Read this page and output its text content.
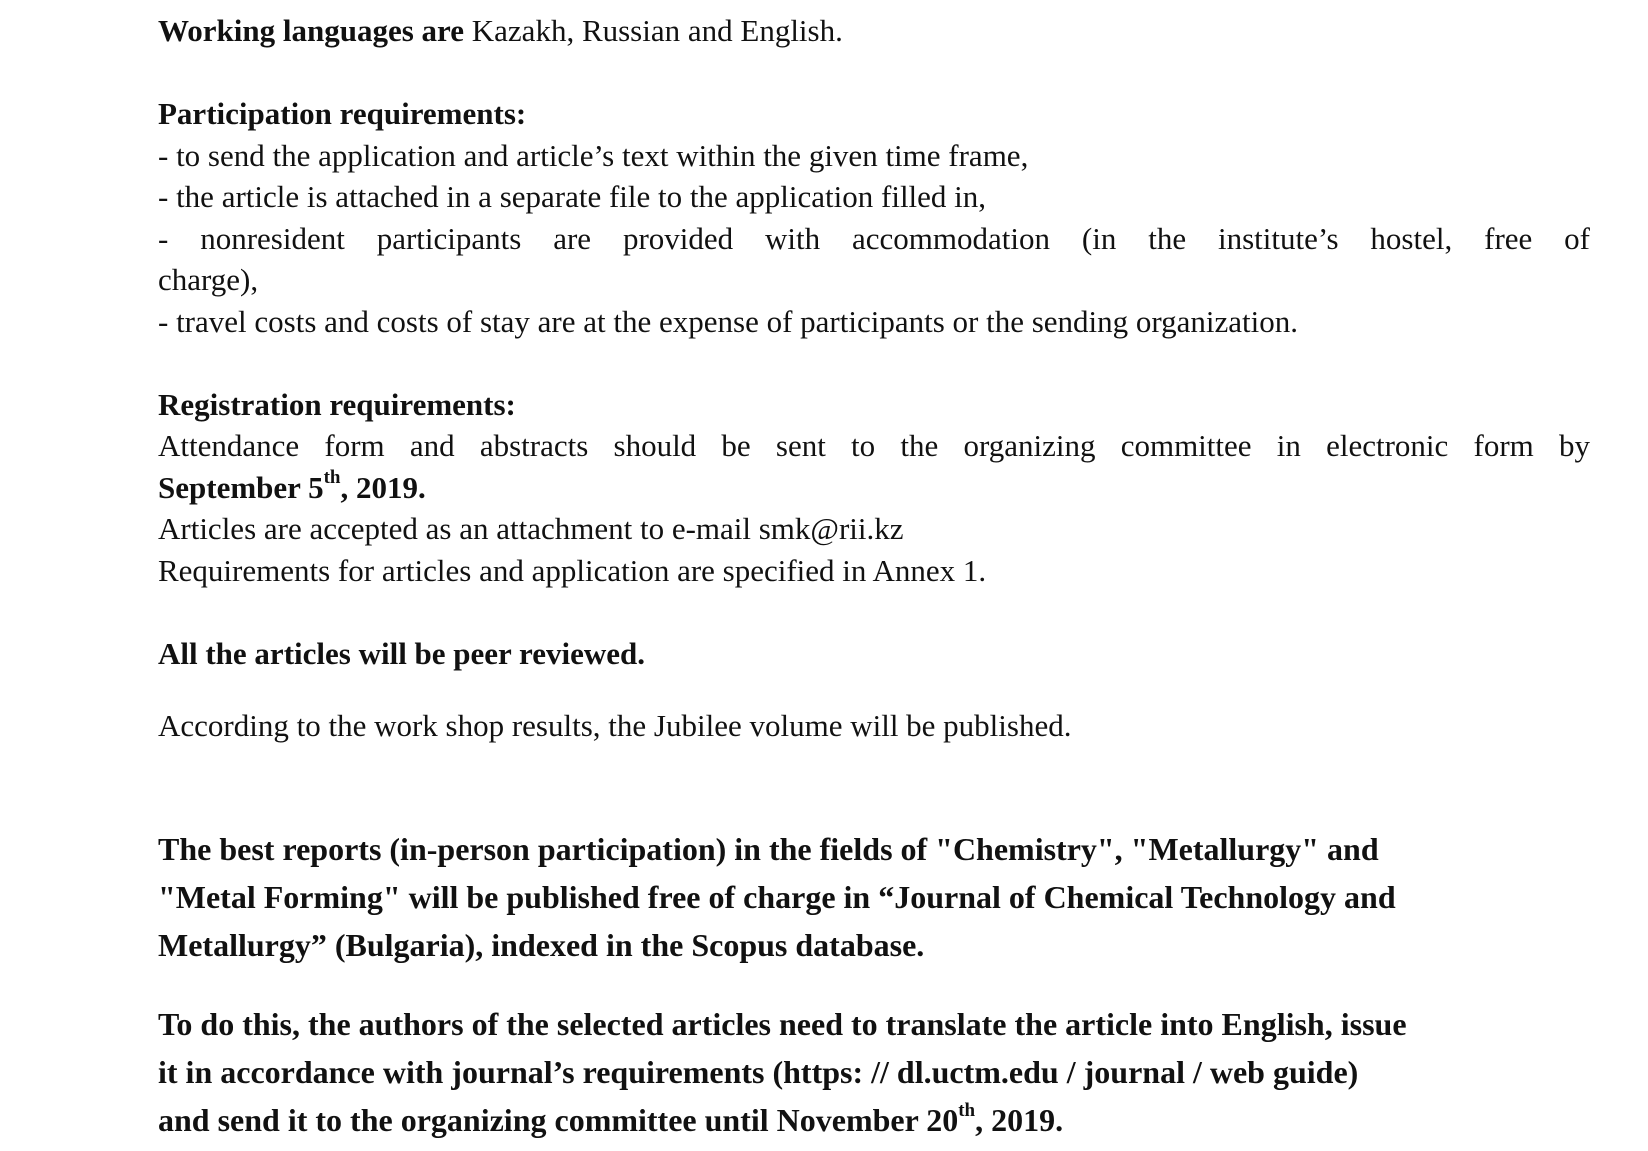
Working languages are Kazakh, Russian and English.
Participation requirements:
- to send the application and article’s text within the given time frame,
- the article is attached in a separate file to the application filled in,
- nonresident participants are provided with accommodation (in the institute’s hostel, free of
charge),
- travel costs and costs of stay are at the expense of participants or the sending organization.
Registration requirements:
Attendance form and abstracts should be sent to the organizing committee in electronic form by
September 5th, 2019.
Articles are accepted as an attachment to e-mail smk@rii.kz
Requirements for articles and application are specified in Annex 1.
All the articles will be peer reviewed.
According to the work shop results, the Jubilee volume will be published.
The best reports (in-person participation) in the fields of "Chemistry", "Metallurgy" and
"Metal Forming" will be published free of charge in “Journal of Chemical Technology and
Metallurgy” (Bulgaria), indexed in the Scopus database.
To do this, the authors of the selected articles need to translate the article into English, issue
it in accordance with journal’s requirements (https: // dl.uctm.edu / journal / web guide)
and send it to the organizing committee until November 20th, 2019.
